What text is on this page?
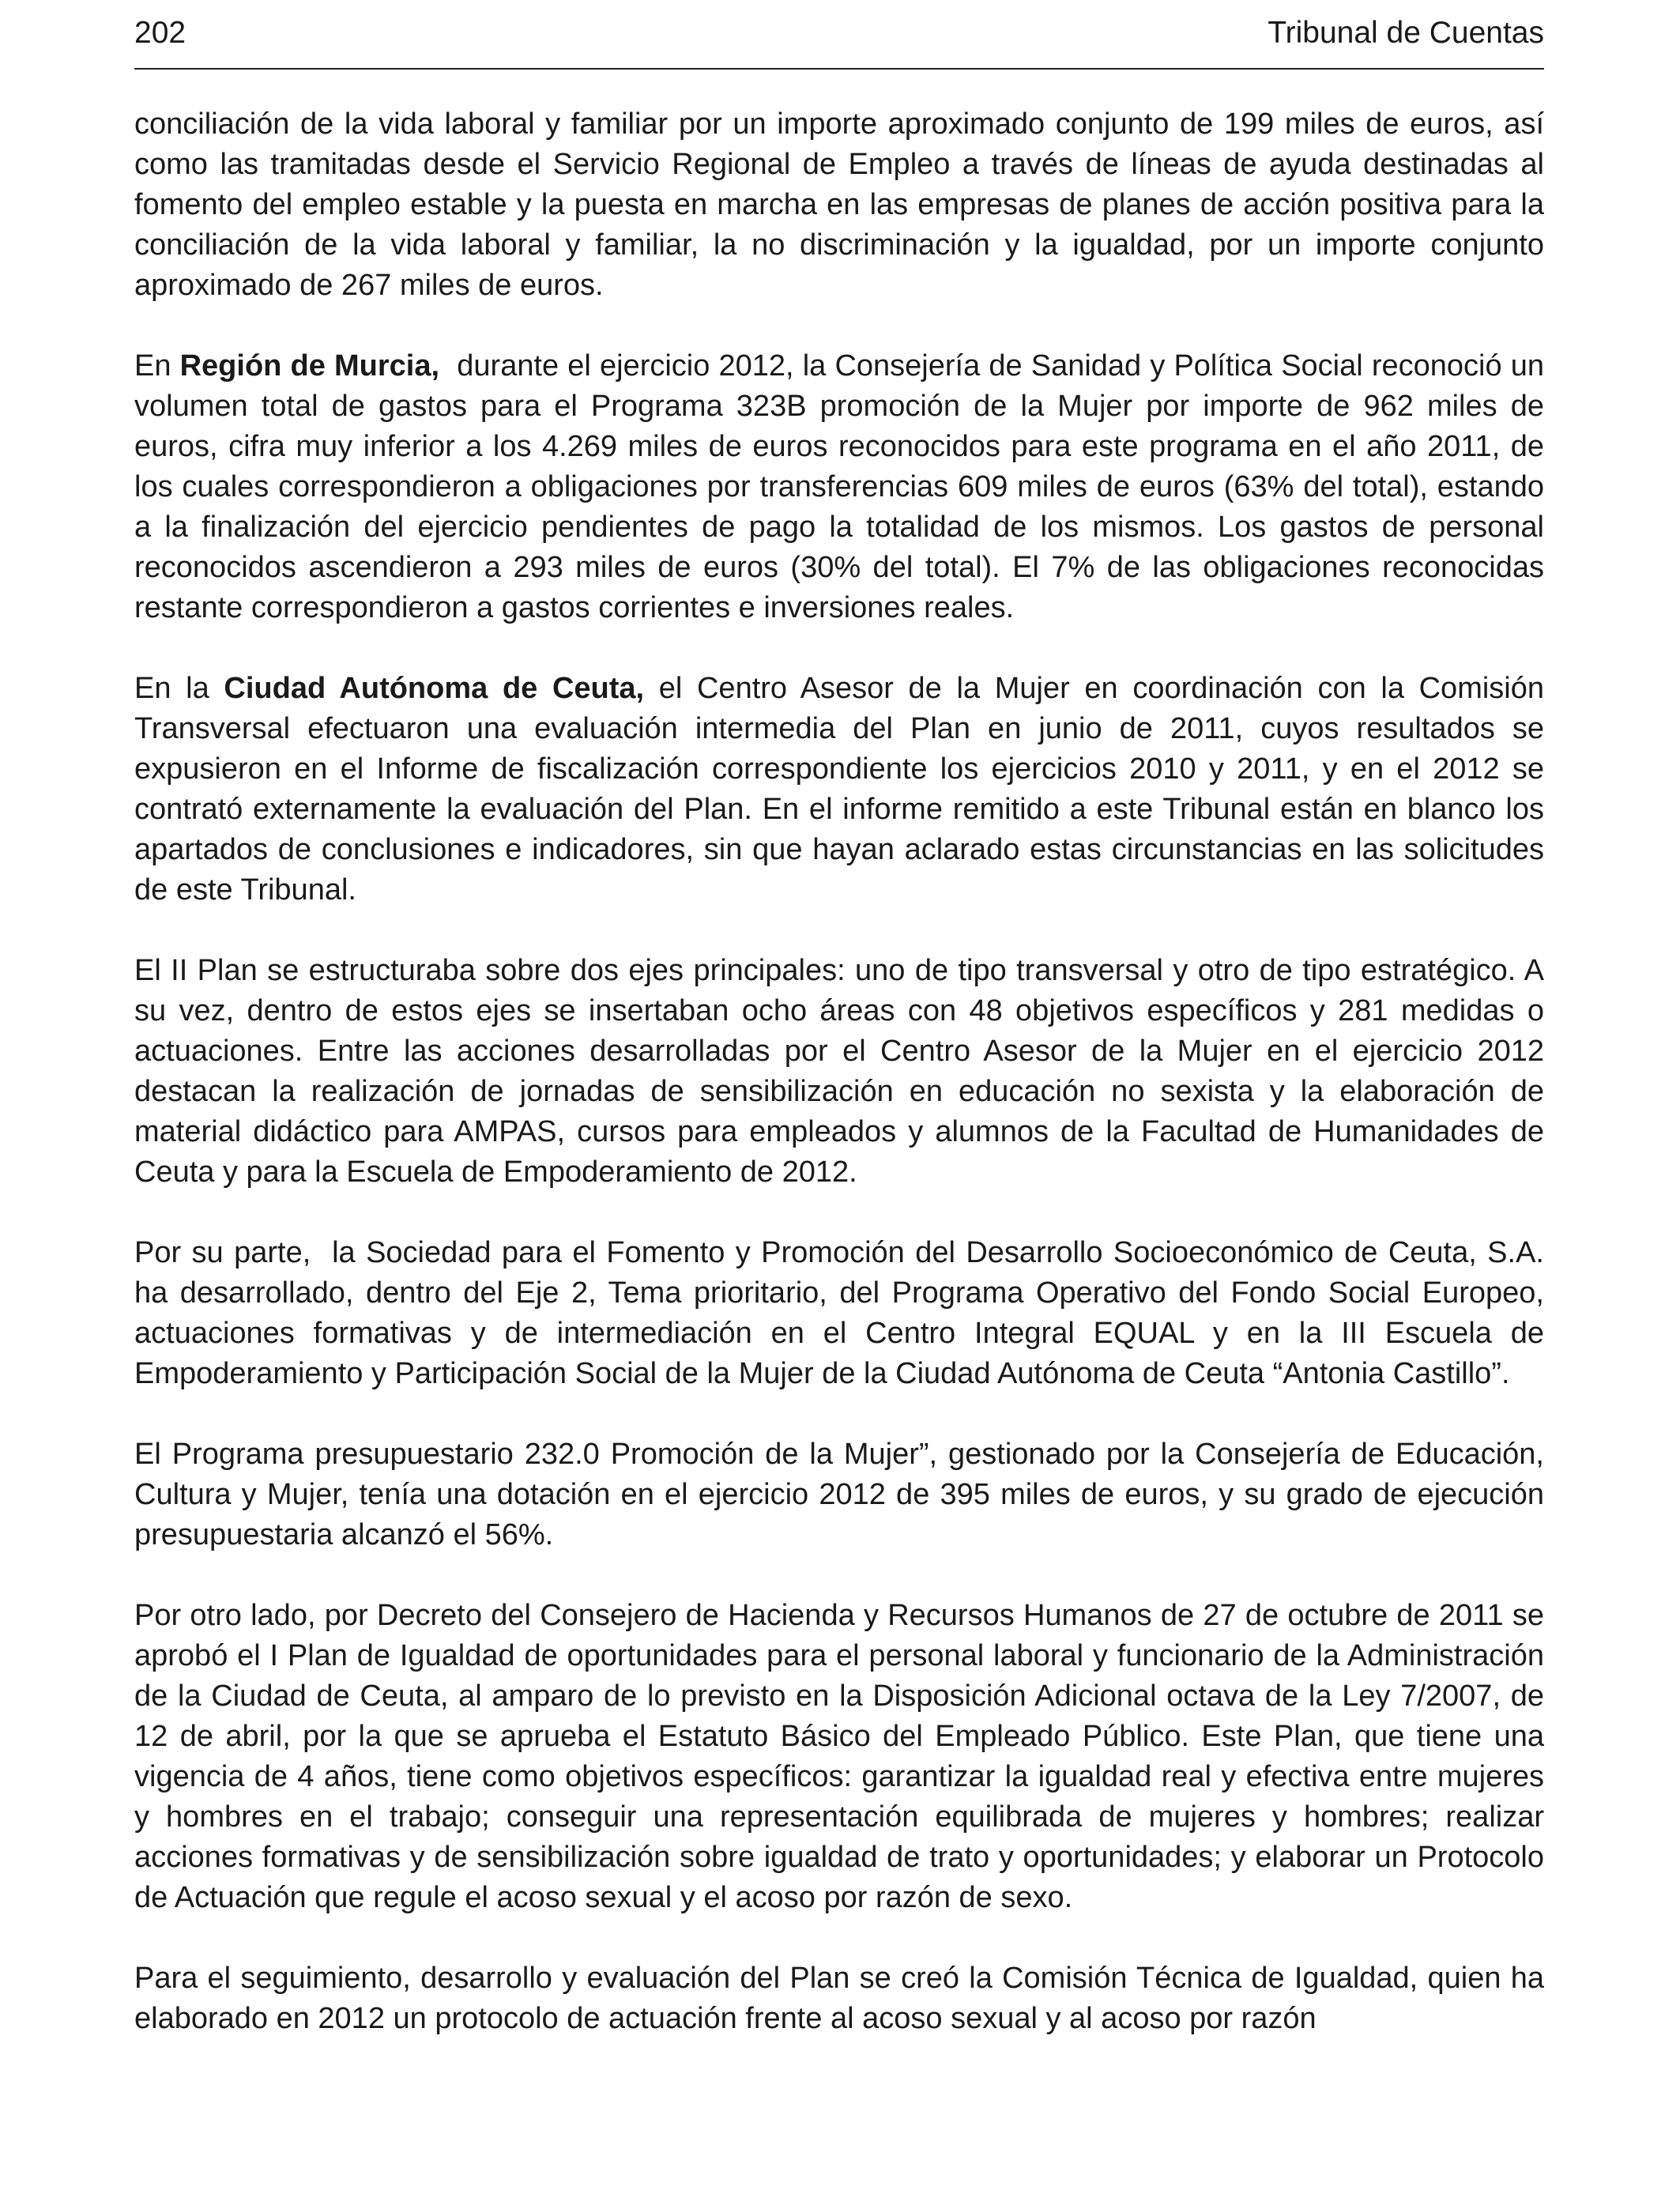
202	Tribunal de Cuentas

conciliación de la vida laboral y familiar por un importe aproximado conjunto de 199 miles de euros, así como las tramitadas desde el Servicio Regional de Empleo a través de líneas de ayuda destinadas al fomento del empleo estable y la puesta en marcha en las empresas de planes de acción positiva para la conciliación de la vida laboral y familiar, la no discriminación y la igualdad, por un importe conjunto aproximado de 267 miles de euros.

En Región de Murcia,  durante el ejercicio 2012, la Consejería de Sanidad y Política Social reconoció un volumen total de gastos para el Programa 323B promoción de la Mujer por importe de 962 miles de euros, cifra muy inferior a los 4.269 miles de euros reconocidos para este programa en el año 2011, de los cuales correspondieron a obligaciones por transferencias 609 miles de euros (63% del total), estando a la finalización del ejercicio pendientes de pago la totalidad de los mismos. Los gastos de personal reconocidos ascendieron a 293 miles de euros (30% del total). El 7% de las obligaciones reconocidas restante correspondieron a gastos corrientes e inversiones reales.

En la Ciudad Autónoma de Ceuta, el Centro Asesor de la Mujer en coordinación con la Comisión Transversal efectuaron una evaluación intermedia del Plan en junio de 2011, cuyos resultados se expusieron en el Informe de fiscalización correspondiente los ejercicios 2010 y 2011, y en el 2012 se contrató externamente la evaluación del Plan. En el informe remitido a este Tribunal están en blanco los apartados de conclusiones e indicadores, sin que hayan aclarado estas circunstancias en las solicitudes de este Tribunal.

El II Plan se estructuraba sobre dos ejes principales: uno de tipo transversal y otro de tipo estratégico. A su vez, dentro de estos ejes se insertaban ocho áreas con 48 objetivos específicos y 281 medidas o actuaciones. Entre las acciones desarrolladas por el Centro Asesor de la Mujer en el ejercicio 2012 destacan la realización de jornadas de sensibilización en educación no sexista y la elaboración de material didáctico para AMPAS, cursos para empleados y alumnos de la Facultad de Humanidades de Ceuta y para la Escuela de Empoderamiento de 2012.

Por su parte,  la Sociedad para el Fomento y Promoción del Desarrollo Socioeconómico de Ceuta, S.A. ha desarrollado, dentro del Eje 2, Tema prioritario, del Programa Operativo del Fondo Social Europeo, actuaciones formativas y de intermediación en el Centro Integral EQUAL y en la III Escuela de Empoderamiento y Participación Social de la Mujer de la Ciudad Autónoma de Ceuta “Antonia Castillo”.

El Programa presupuestario 232.0 Promoción de la Mujer”, gestionado por la Consejería de Educación, Cultura y Mujer, tenía una dotación en el ejercicio 2012 de 395 miles de euros, y su grado de ejecución presupuestaria alcanzó el 56%.

Por otro lado, por Decreto del Consejero de Hacienda y Recursos Humanos de 27 de octubre de 2011 se aprobó el I Plan de Igualdad de oportunidades para el personal laboral y funcionario de la Administración de la Ciudad de Ceuta, al amparo de lo previsto en la Disposición Adicional octava de la Ley 7/2007, de 12 de abril, por la que se aprueba el Estatuto Básico del Empleado Público. Este Plan, que tiene una vigencia de 4 años, tiene como objetivos específicos: garantizar la igualdad real y efectiva entre mujeres y hombres en el trabajo; conseguir una representación equilibrada de mujeres y hombres; realizar acciones formativas y de sensibilización sobre igualdad de trato y oportunidades; y elaborar un Protocolo de Actuación que regule el acoso sexual y el acoso por razón de sexo.

Para el seguimiento, desarrollo y evaluación del Plan se creó la Comisión Técnica de Igualdad, quien ha elaborado en 2012 un protocolo de actuación frente al acoso sexual y al acoso por razón
